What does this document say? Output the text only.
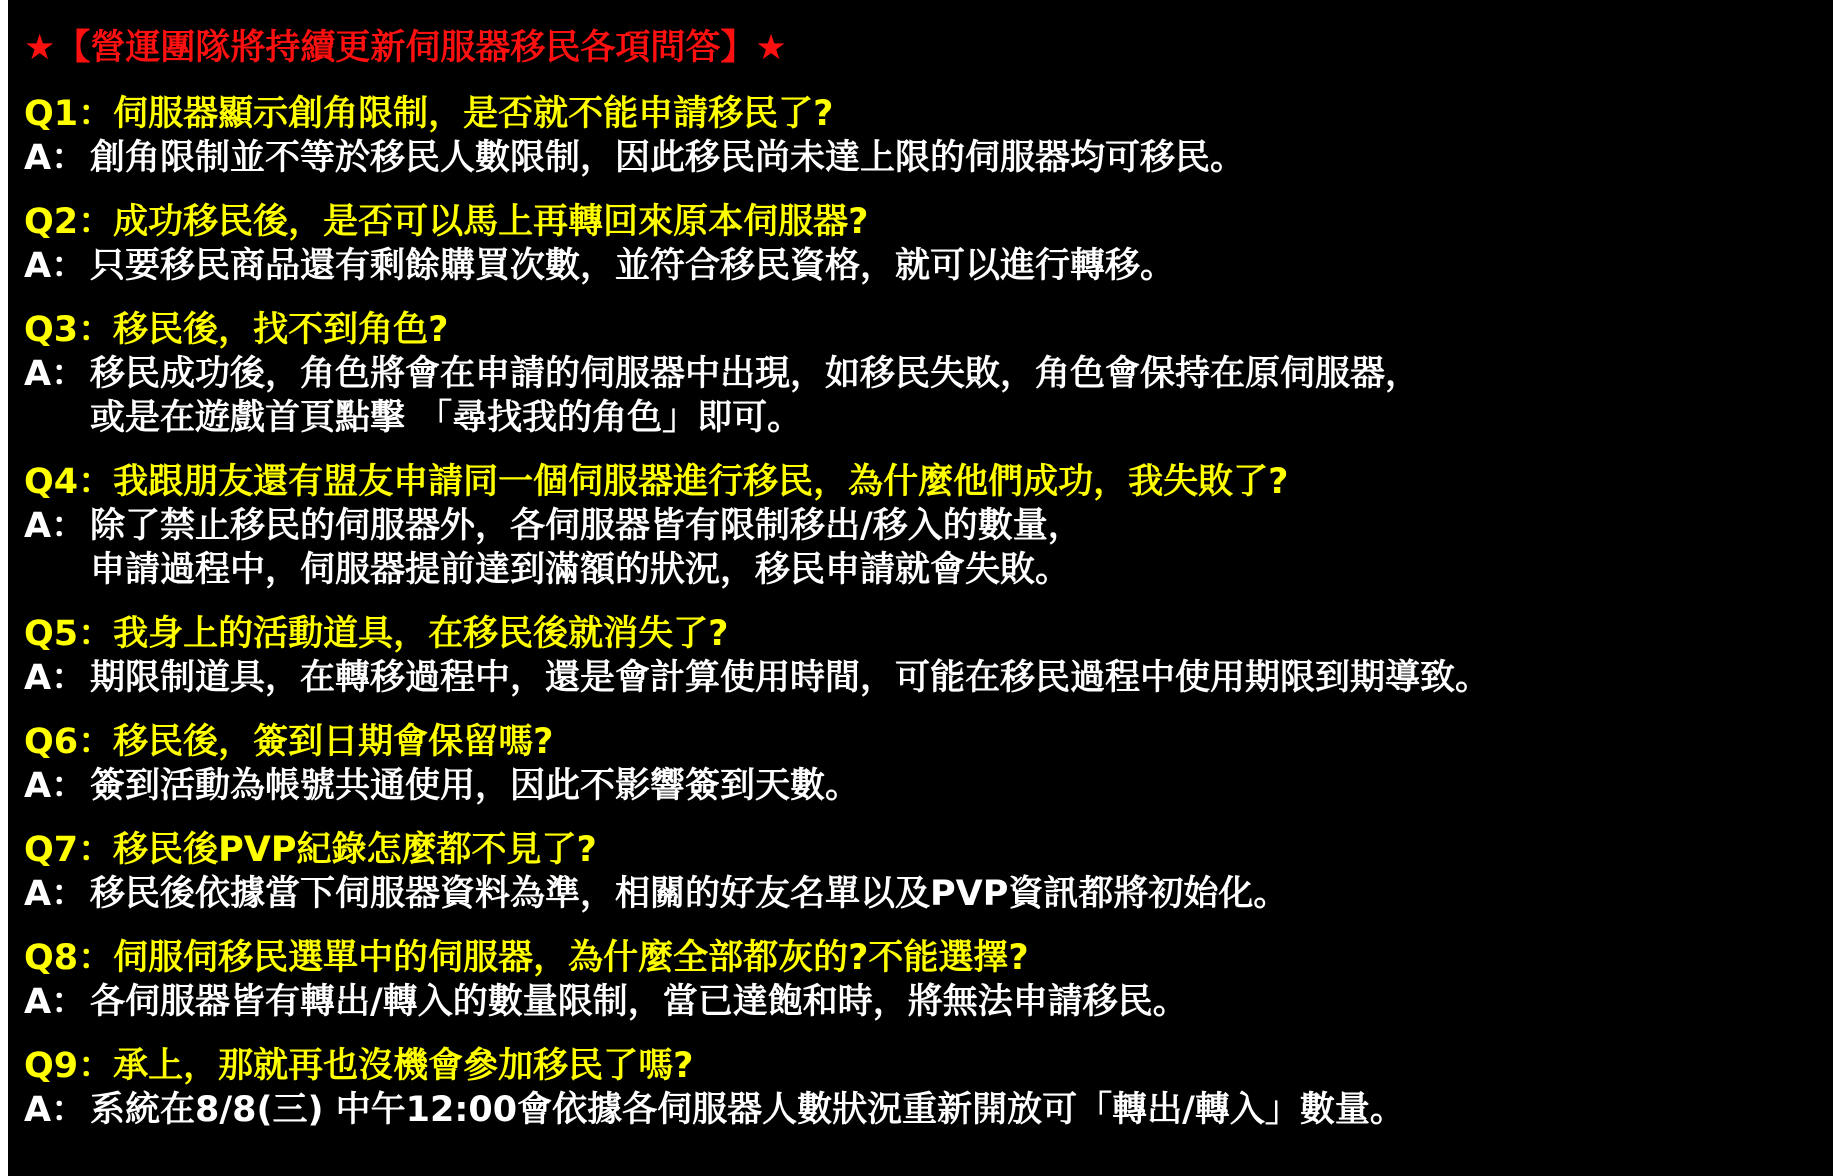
★【營運團隊將持續更新伺服器移民各項問答】★
Q1：伺服器顯示創角限制，是否就不能申請移民了?
A： 創角限制並不等於移民人數限制，因此移民尚未達上限的伺服器均可移民。
Q2：成功移民後，是否可以馬上再轉回來原本伺服器?
A： 只要移民商品還有剩餘購買次數，並符合移民資格，就可以進行轉移。
Q3：移民後，找不到角色?
A： 移民成功後，角色將會在申請的伺服器中出現，如移民失敗，角色會保持在原伺服器，
或是在遊戲首頁點擊 「尋找我的角色」即可。
Q4：我跟朋友還有盟友申請同一個伺服器進行移民，為什麼他們成功，我失敗了?
A： 除了禁止移民的伺服器外，各伺服器皆有限制移出/移入的數量，
申請過程中，伺服器提前達到滿額的狀況，移民申請就會失敗。
Q5：我身上的活動道具，在移民後就消失了?
A： 期限制道具，在轉移過程中，還是會計算使用時間，可能在移民過程中使用期限到期導致。
Q6：移民後，簽到日期會保留嗎?
A： 簽到活動為帳號共通使用，因此不影響簽到天數。
Q7：移民後PVP紀錄怎麼都不見了?
A： 移民後依據當下伺服器資料為準，相關的好友名單以及PVP資訊都將初始化。
Q8：伺服伺移民選單中的伺服器，為什麼全部都灰的?不能選擇?
A： 各伺服器皆有轉出/轉入的數量限制，當已達飽和時，將無法申請移民。
Q9：承上，那就再也沒機會參加移民了嗎?
A： 系統在8/8(三) 中午12:00會依據各伺服器人數狀況重新開放可「轉出/轉入」數量。
